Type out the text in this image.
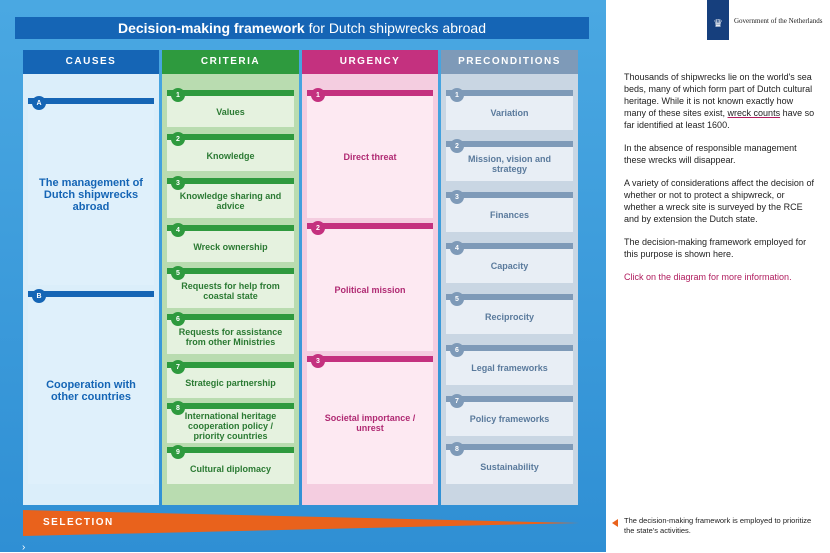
Decision-making framework for Dutch shipwrecks abroad
CAUSES
A
The management of Dutch shipwrecks abroad
B
Cooperation with other countries
CRITERIA
1
Values
2
Knowledge
3
Knowledge sharing and advice
4
Wreck ownership
5
Requests for help from coastal state
6
Requests for assistance from other Ministries
7
Strategic partnership
8
International heritage cooperation policy / priority countries
9
Cultural diplomacy
URGENCY
1
Direct threat
2
Political mission
3
Societal importance / unrest
PRECONDITIONS
1
Variation
2
Mission, vision and strategy
3
Finances
4
Capacity
5
Reciprocity
6
Legal frameworks
7
Policy frameworks
8
Sustainability
SELECTION
›
♛ Government of the Netherlands

Thousands of shipwrecks lie on the world's sea beds, many of which form part of Dutch cultural heritage. While it is not known exactly how many of these sites exist, wreck counts have so far identified at least 1600.

In the absence of responsible management these wrecks will disappear.

A variety of considerations affect the decision of whether or not to protect a shipwreck, or whether a wreck site is surveyed by the RCE and by extension the Dutch state.

The decision-making framework employed for this purpose is shown here.

Click on the diagram for more information.

The decision-making framework is employed to prioritize the state's activities.
